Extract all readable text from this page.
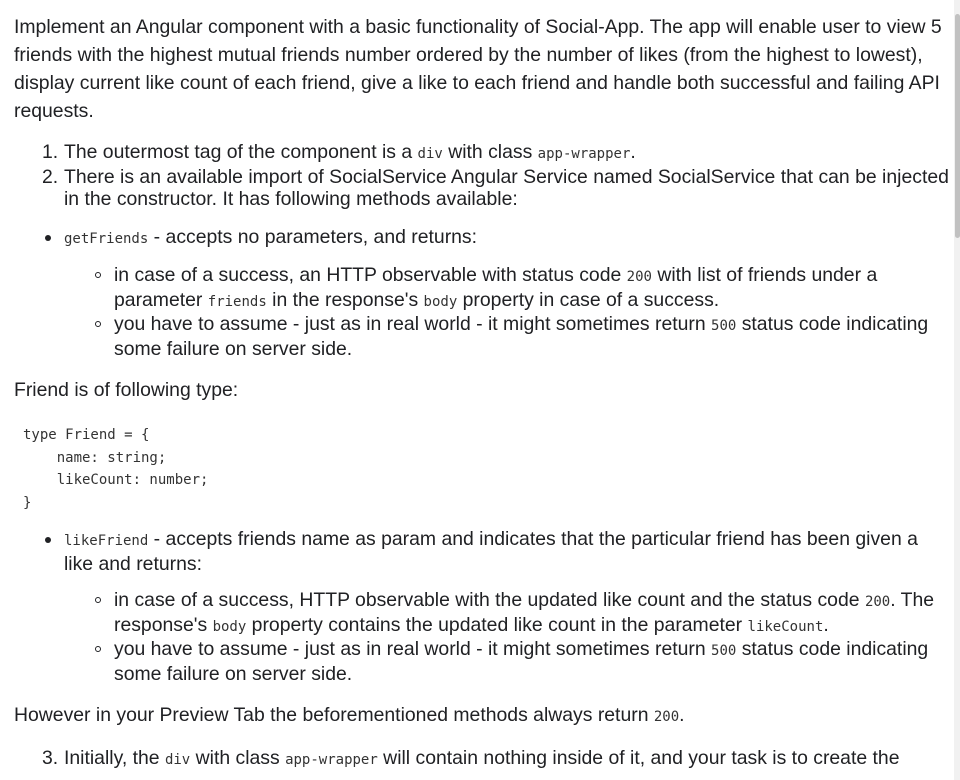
Implement an Angular component with a basic functionality of Social-App. The app will enable user to view 5 friends with the highest mutual friends number ordered by the number of likes (from the highest to lowest), display current like count of each friend, give a like to each friend and handle both successful and failing API requests.

1. The outermost tag of the component is a div with class app-wrapper.
2. There is an available import of SocialService Angular Service named SocialService that can be injected in the constructor. It has following methods available:
getFriends - accepts no parameters, and returns:
in case of a success, an HTTP observable with status code 200 with list of friends under a parameter friends in the response's body property in case of a success.
you have to assume - just as in real world - it might sometimes return 500 status code indicating some failure on server side.

Friend is of following type:

type Friend = {
name: string;
likeCount: number;
}
likeFriend - accepts friends name as param and indicates that the particular friend has been given a like and returns:
in case of a success, HTTP observable with the updated like count and the status code 200. The response's body property contains the updated like count in the parameter likeCount.
you have to assume - just as in real world - it might sometimes return 500 status code indicating some failure on server side.

However in your Preview Tab the beforementioned methods always return 200.

3. Initially, the div with class app-wrapper will contain nothing inside of it, and your task is to create the
